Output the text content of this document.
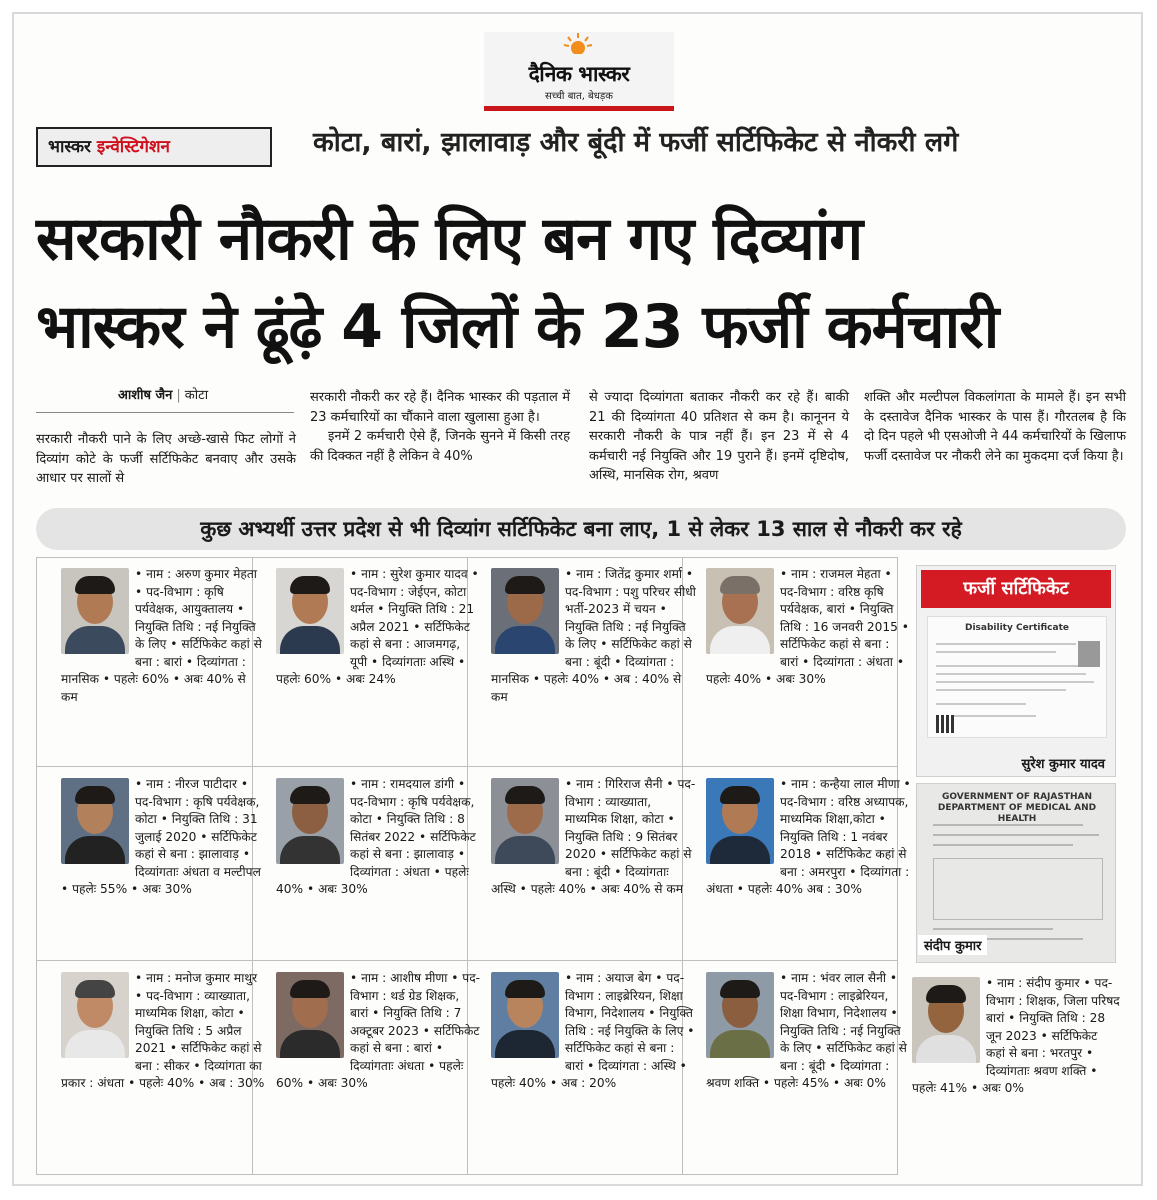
दैनिक भास्कर
सच्ची बात, बेधड़क
भास्कर इन्वेस्टिगेशन	कोटा, बारां, झालावाड़ और बूंदी में फर्जी सर्टिफिकेट से नौकरी लगे
सरकारी नौकरी के लिए बन गए दिव्यांग
भास्कर ने ढूंढ़े 4 जिलों के 23 फर्जी कर्मचारी
आशीष जैन | कोटा
सरकारी नौकरी पाने के लिए अच्छे-खासे फिट लोगों ने दिव्यांग कोटे के फर्जी सर्टिफिकेट बनवाए और उसके आधार पर सालों से
सरकारी नौकरी कर रहे हैं। दैनिक भास्कर की पड़ताल में 23 कर्मचारियों का चौंकाने वाला खुलासा हुआ है।
इनमें 2 कर्मचारी ऐसे हैं, जिनके सुनने में किसी तरह की दिक्कत नहीं है लेकिन वे 40%
से ज्यादा दिव्यांगता बताकर नौकरी कर रहे हैं। बाकी 21 की दिव्यांगता 40 प्रतिशत से कम है। कानूनन ये सरकारी नौकरी के पात्र नहीं हैं। इन 23 में से 4 कर्मचारी नई नियुक्ति और 19 पुराने हैं। इनमें दृष्टिदोष, अस्थि, मानसिक रोग, श्रवण
शक्ति और मल्टीपल विकलांगता के मामले हैं। इन सभी के दस्तावेज दैनिक भास्कर के पास हैं। गौरतलब है कि दो दिन पहले भी एसओजी ने 44 कर्मचारियों के खिलाफ फर्जी दस्तावेज पर नौकरी लेने का मुकदमा दर्ज किया है।
कुछ अभ्यर्थी उत्तर प्रदेश से भी दिव्यांग सर्टिफिकेट बना लाए, 1 से लेकर 13 साल से नौकरी कर रहे
• नाम : अरुण कुमार मेहता • पद-विभाग : कृषि पर्यवेक्षक, आयुक्तालय • नियुक्ति तिथि : नई नियुक्ति के लिए • सर्टिफिकेट कहां से बना : बारां • दिव्यांगता : मानसिक • पहलेः 60% • अबः 40% से कम
• नाम : सुरेश कुमार यादव • पद-विभाग : जेईएन, कोटा थर्मल • नियुक्ति तिथि : 21 अप्रैल 2021 • सर्टिफिकेट कहां से बना : आजमगढ़, यूपी • दिव्यांगताः अस्थि • पहलेः 60% • अबः 24%
• नाम : जितेंद्र कुमार शर्मा • पद-विभाग : पशु परिचर सीधी भर्ती-2023 में चयन • नियुक्ति तिथि : नई नियुक्ति के लिए • सर्टिफिकेट कहां से बना : बूंदी • दिव्यांगता : मानसिक • पहलेः 40% • अब : 40% से कम
• नाम : राजमल मेहता • पद-विभाग : वरिष्ठ कृषि पर्यवेक्षक, बारां • नियुक्ति तिथि : 16 जनवरी 2015 • सर्टिफिकेट कहां से बना : बारां • दिव्यांगता : अंधता • पहलेः 40% • अबः 30%
• नाम : नीरज पाटीदार • पद-विभाग : कृषि पर्यवेक्षक, कोटा • नियुक्ति तिथि : 31 जुलाई 2020 • सर्टिफिकेट कहां से बना : झालावाड़ • दिव्यांगताः अंधता व मल्टीपल • पहलेः 55% • अबः 30%
• नाम : रामदयाल डांगी • पद-विभाग : कृषि पर्यवेक्षक, कोटा • नियुक्ति तिथि : 8 सितंबर 2022 • सर्टिफिकेट कहां से बना : झालावाड़ • दिव्यांगता : अंधता • पहलेः 40% • अबः 30%
• नाम : गिरिराज सैनी • पद-विभाग : व्याख्याता, माध्यमिक शिक्षा, कोटा • नियुक्ति तिथि : 9 सितंबर 2020 • सर्टिफिकेट कहां से बना : बूंदी • दिव्यांगताः अस्थि • पहलेः 40% • अबः 40% से कम
• नाम : कन्हैया लाल मीणा • पद-विभाग : वरिष्ठ अध्यापक, माध्यमिक शिक्षा,कोटा • नियुक्ति तिथि : 1 नवंबर 2018 • सर्टिफिकेट कहां से बना : अमरपुरा • दिव्यांगता : अंधता • पहलेः 40% अब : 30%
• नाम : मनोज कुमार माथुर • पद-विभाग : व्याख्याता, माध्यमिक शिक्षा, कोटा • नियुक्ति तिथि : 5 अप्रैल 2021 • सर्टिफिकेट कहां से बना : सीकर • दिव्यांगता का प्रकार : अंधता • पहलेः 40% • अब : 30%
• नाम : आशीष मीणा • पद-विभाग : थर्ड ग्रेड शिक्षक, बारां • नियुक्ति तिथि : 7 अक्टूबर 2023 • सर्टिफिकेट कहां से बना : बारां • दिव्यांगताः अंधता • पहलेः 60% • अबः 30%
• नाम : अयाज बेग • पद-विभाग : लाइब्रेरियन, शिक्षा विभाग, निदेशालय • नियुक्ति तिथि : नई नियुक्ति के लिए • सर्टिफिकेट कहां से बना : बारां • दिव्यांगता : अस्थि • पहलेः 40% • अब : 20%
• नाम : भंवर लाल सैनी • पद-विभाग : लाइब्रेरियन, शिक्षा विभाग, निदेशालय • नियुक्ति तिथि : नई नियुक्ति के लिए • सर्टिफिकेट कहां से बना : बूंदी • दिव्यांगता : श्रवण शक्ति • पहलेः 45% • अबः 0%
फर्जी सर्टिफिकेट
Disability Certificate
सुरेश कुमार यादव
GOVERNMENT OF RAJASTHAN
DEPARTMENT OF MEDICAL AND HEALTH
संदीप कुमार
• नाम : संदीप कुमार • पद-विभाग : शिक्षक, जिला परिषद बारां • नियुक्ति तिथि : 28 जून 2023 • सर्टिफिकेट कहां से बना : भरतपुर • दिव्यांगताः श्रवण शक्ति • पहलेः 41% • अबः 0%
